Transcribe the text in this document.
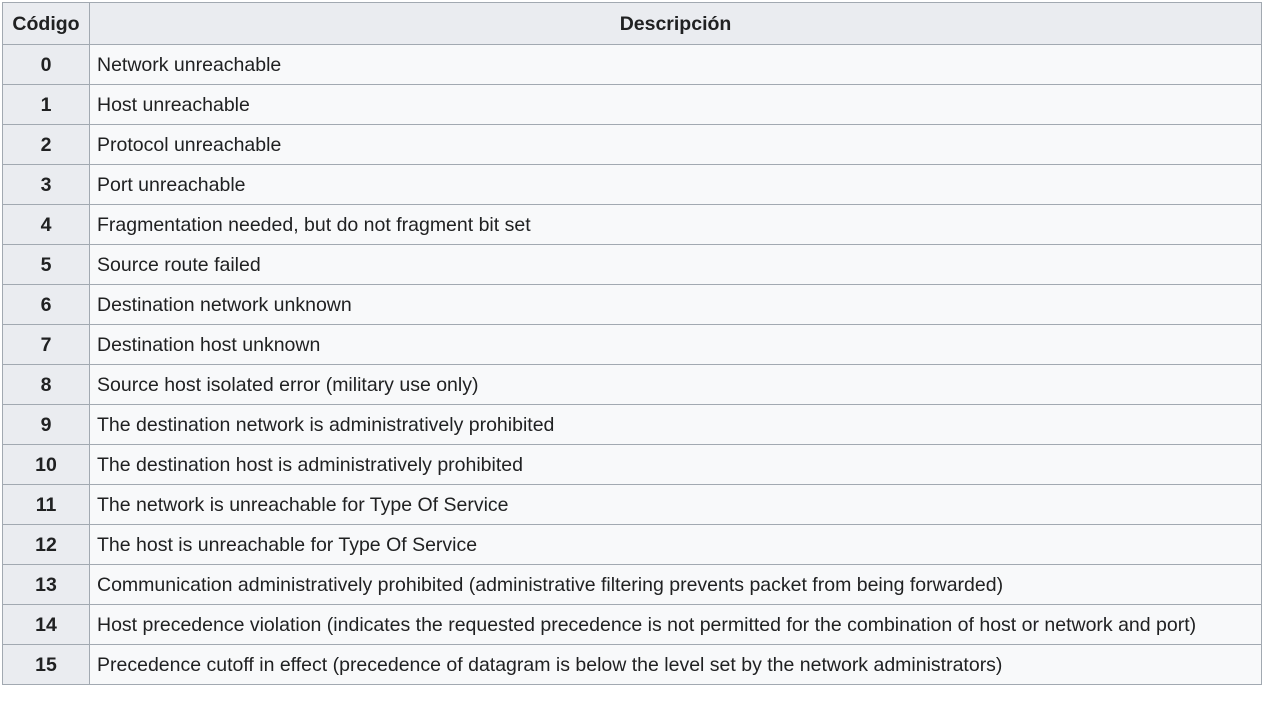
Código	Descripción
0	Network unreachable
1	Host unreachable
2	Protocol unreachable
3	Port unreachable
4	Fragmentation needed, but do not fragment bit set
5	Source route failed
6	Destination network unknown
7	Destination host unknown
8	Source host isolated error (military use only)
9	The destination network is administratively prohibited
10	The destination host is administratively prohibited
11	The network is unreachable for Type Of Service
12	The host is unreachable for Type Of Service
13	Communication administratively prohibited (administrative filtering prevents packet from being forwarded)
14	Host precedence violation (indicates the requested precedence is not permitted for the combination of host or network and port)
15	Precedence cutoff in effect (precedence of datagram is below the level set by the network administrators)
